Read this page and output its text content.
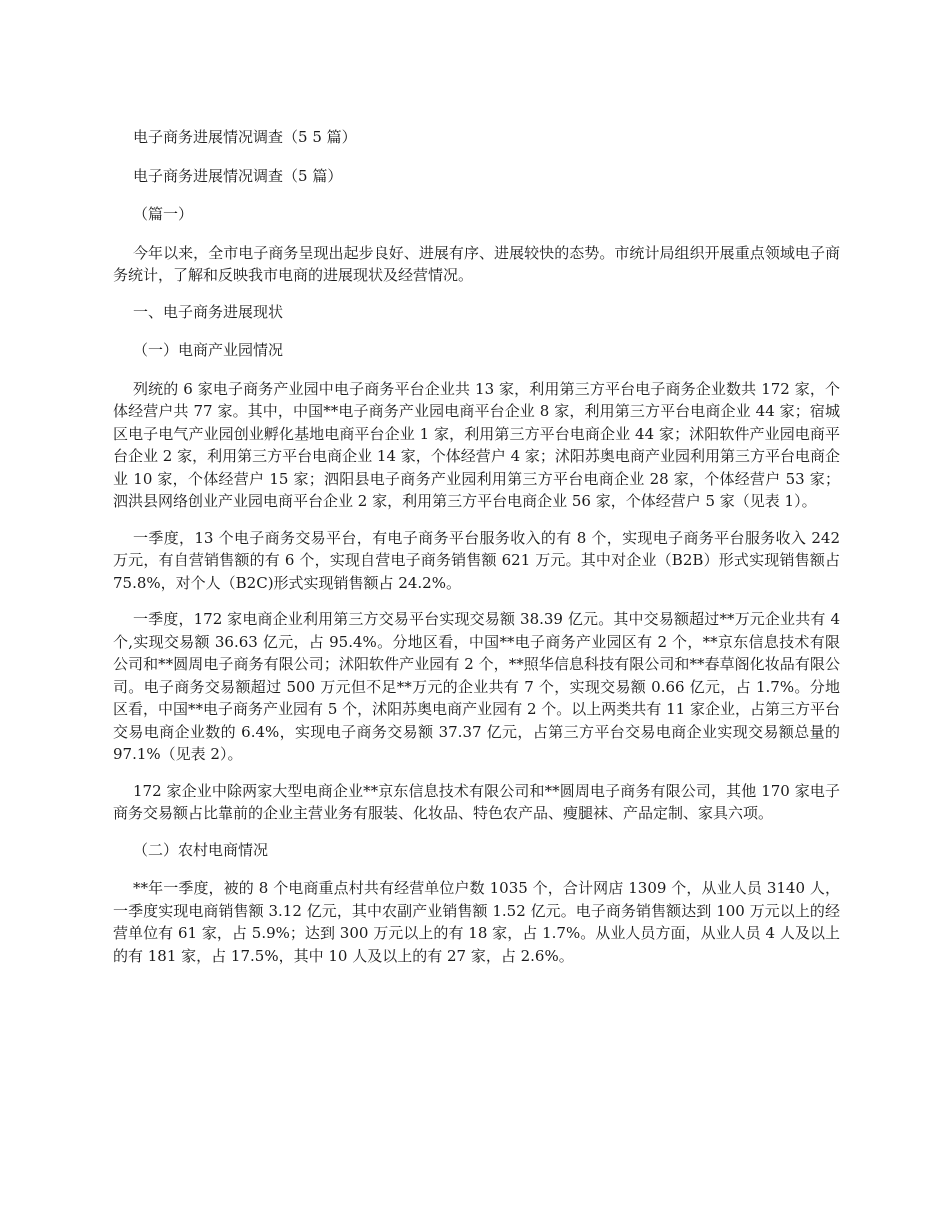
电子商务进展情况调查（5 5 篇）

电子商务进展情况调查（5 篇）

（篇一）

今年以来，全市电子商务呈现出起步良好、进展有序、进展较快的态势。市统计局组织开展重点领域电子商务统计，了解和反映我市电商的进展现状及经营情况。

一、电子商务进展现状

（一）电商产业园情况

列统的 6 家电子商务产业园中电子商务平台企业共 13 家，利用第三方平台电子商务企业数共 172 家，个体经营户共 77 家。其中，中国**电子商务产业园电商平台企业 8 家，利用第三方平台电商企业 44 家；宿城区电子电气产业园创业孵化基地电商平台企业 1 家，利用第三方平台电商企业 44 家；沭阳软件产业园电商平台企业 2 家，利用第三方平台电商企业 14 家，个体经营户 4 家；沭阳苏奥电商产业园利用第三方平台电商企业 10 家，个体经营户 15 家；泗阳县电子商务产业园利用第三方平台电商企业 28 家，个体经营户 53 家；泗洪县网络创业产业园电商平台企业 2 家，利用第三方平台电商企业 56 家，个体经营户 5 家（见表 1）。

一季度，13 个电子商务交易平台，有电子商务平台服务收入的有 8 个，实现电子商务平台服务收入 242 万元，有自营销售额的有 6 个，实现自营电子商务销售额 621 万元。其中对企业（B2B）形式实现销售额占 75.8%，对个人（B2C)形式实现销售额占 24.2%。

一季度，172 家电商企业利用第三方交易平台实现交易额 38.39 亿元。其中交易额超过**万元企业共有 4 个,实现交易额 36.63 亿元，占 95.4%。分地区看，中国**电子商务产业园区有 2 个，**京东信息技术有限公司和**圆周电子商务有限公司；沭阳软件产业园有 2 个，**照华信息科技有限公司和**春草阁化妆品有限公司。电子商务交易额超过 500 万元但不足**万元的企业共有 7 个，实现交易额 0.66 亿元，占 1.7%。分地区看，中国**电子商务产业园有 5 个，沭阳苏奥电商产业园有 2 个。以上两类共有 11 家企业，占第三方平台交易电商企业数的 6.4%，实现电子商务交易额 37.37 亿元，占第三方平台交易电商企业实现交易额总量的 97.1%（见表 2）。

172 家企业中除两家大型电商企业**京东信息技术有限公司和**圆周电子商务有限公司，其他 170 家电子商务交易额占比靠前的企业主营业务有服装、化妆品、特色农产品、瘦腿袜、产品定制、家具六项。

（二）农村电商情况

**年一季度，被的 8 个电商重点村共有经营单位户数 1035 个，合计网店 1309 个，从业人员 3140 人，一季度实现电商销售额 3.12 亿元，其中农副产业销售额 1.52 亿元。电子商务销售额达到 100 万元以上的经营单位有 61 家，占 5.9%；达到 300 万元以上的有 18 家，占 1.7%。从业人员方面，从业人员 4 人及以上的有 181 家，占 17.5%，其中 10 人及以上的有 27 家，占 2.6%。
